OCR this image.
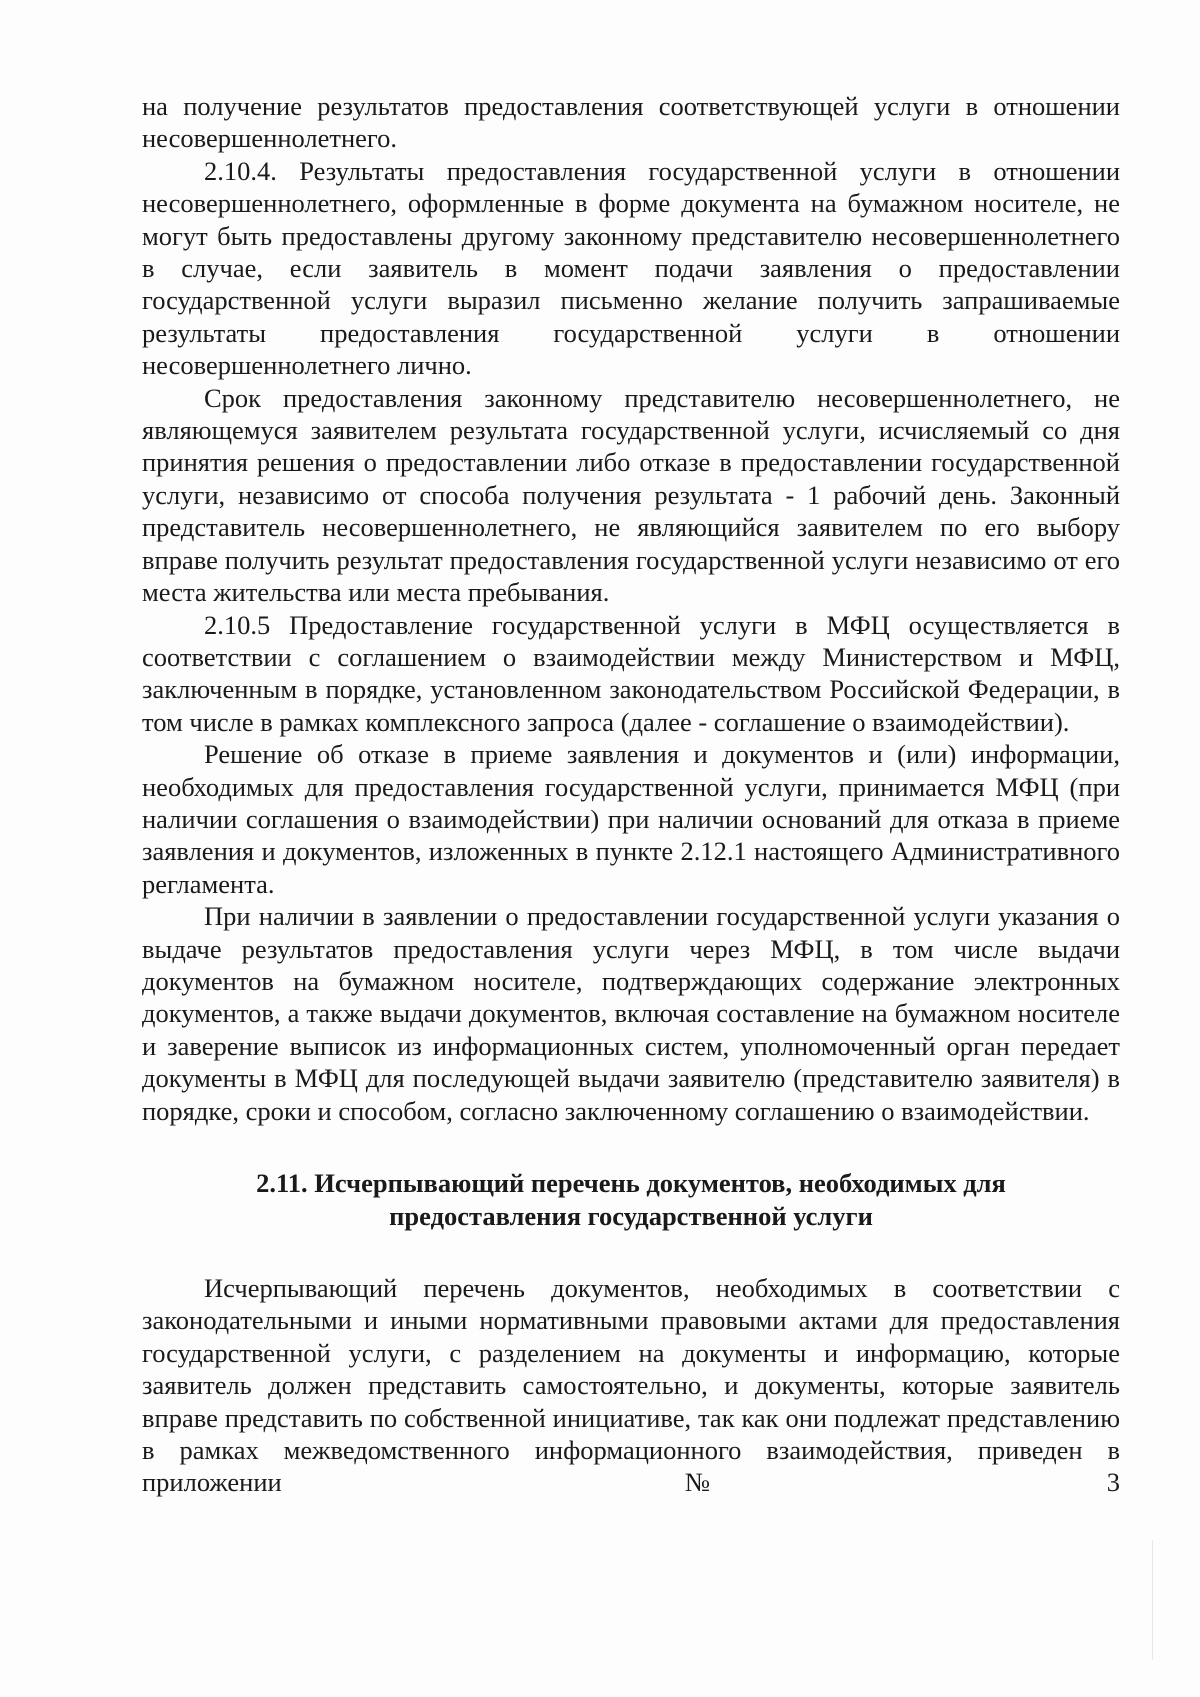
на получение результатов предоставления соответствующей услуги в отношении несовершеннолетнего.

2.10.4. Результаты предоставления государственной услуги в отношении несовершеннолетнего, оформленные в форме документа на бумажном носителе, не могут быть предоставлены другому законному представителю несовершеннолетнего в случае, если заявитель в момент подачи заявления о предоставлении государственной услуги выразил письменно желание получить запрашиваемые результаты предоставления государственной услуги в отношении несовершеннолетнего лично.

Срок предоставления законному представителю несовершеннолетнего, не являющемуся заявителем результата государственной услуги, исчисляемый со дня принятия решения о предоставлении либо отказе в предоставлении государственной услуги, независимо от способа получения результата - 1 рабочий день. Законный представитель несовершеннолетнего, не являющийся заявителем по его выбору вправе получить результат предоставления государственной услуги независимо от его места жительства или места пребывания.

2.10.5 Предоставление государственной услуги в МФЦ осуществляется в соответствии с соглашением о взаимодействии между Министерством и МФЦ, заключенным в порядке, установленном законодательством Российской Федерации, в том числе в рамках комплексного запроса (далее - соглашение о взаимодействии).

Решение об отказе в приеме заявления и документов и (или) информации, необходимых для предоставления государственной услуги, принимается МФЦ (при наличии соглашения о взаимодействии) при наличии оснований для отказа в приеме заявления и документов, изложенных в пункте 2.12.1 настоящего Административного регламента.

При наличии в заявлении о предоставлении государственной услуги указания о выдаче результатов предоставления услуги через МФЦ, в том числе выдачи документов на бумажном носителе, подтверждающих содержание электронных документов, а также выдачи документов, включая составление на бумажном носителе и заверение выписок из информационных систем, уполномоченный орган передает документы в МФЦ для последующей выдачи заявителю (представителю заявителя) в порядке, сроки и способом, согласно заключенному соглашению о взаимодействии.

2.11. Исчерпывающий перечень документов, необходимых для
предоставления государственной услуги

Исчерпывающий перечень документов, необходимых в соответствии с законодательными и иными нормативными правовыми актами для предоставления государственной услуги, с разделением на документы и информацию, которые заявитель должен представить самостоятельно, и документы, которые заявитель вправе представить по собственной инициативе, так как они подлежат представлению в рамках межведомственного информационного взаимодействия, приведен в приложении №3
